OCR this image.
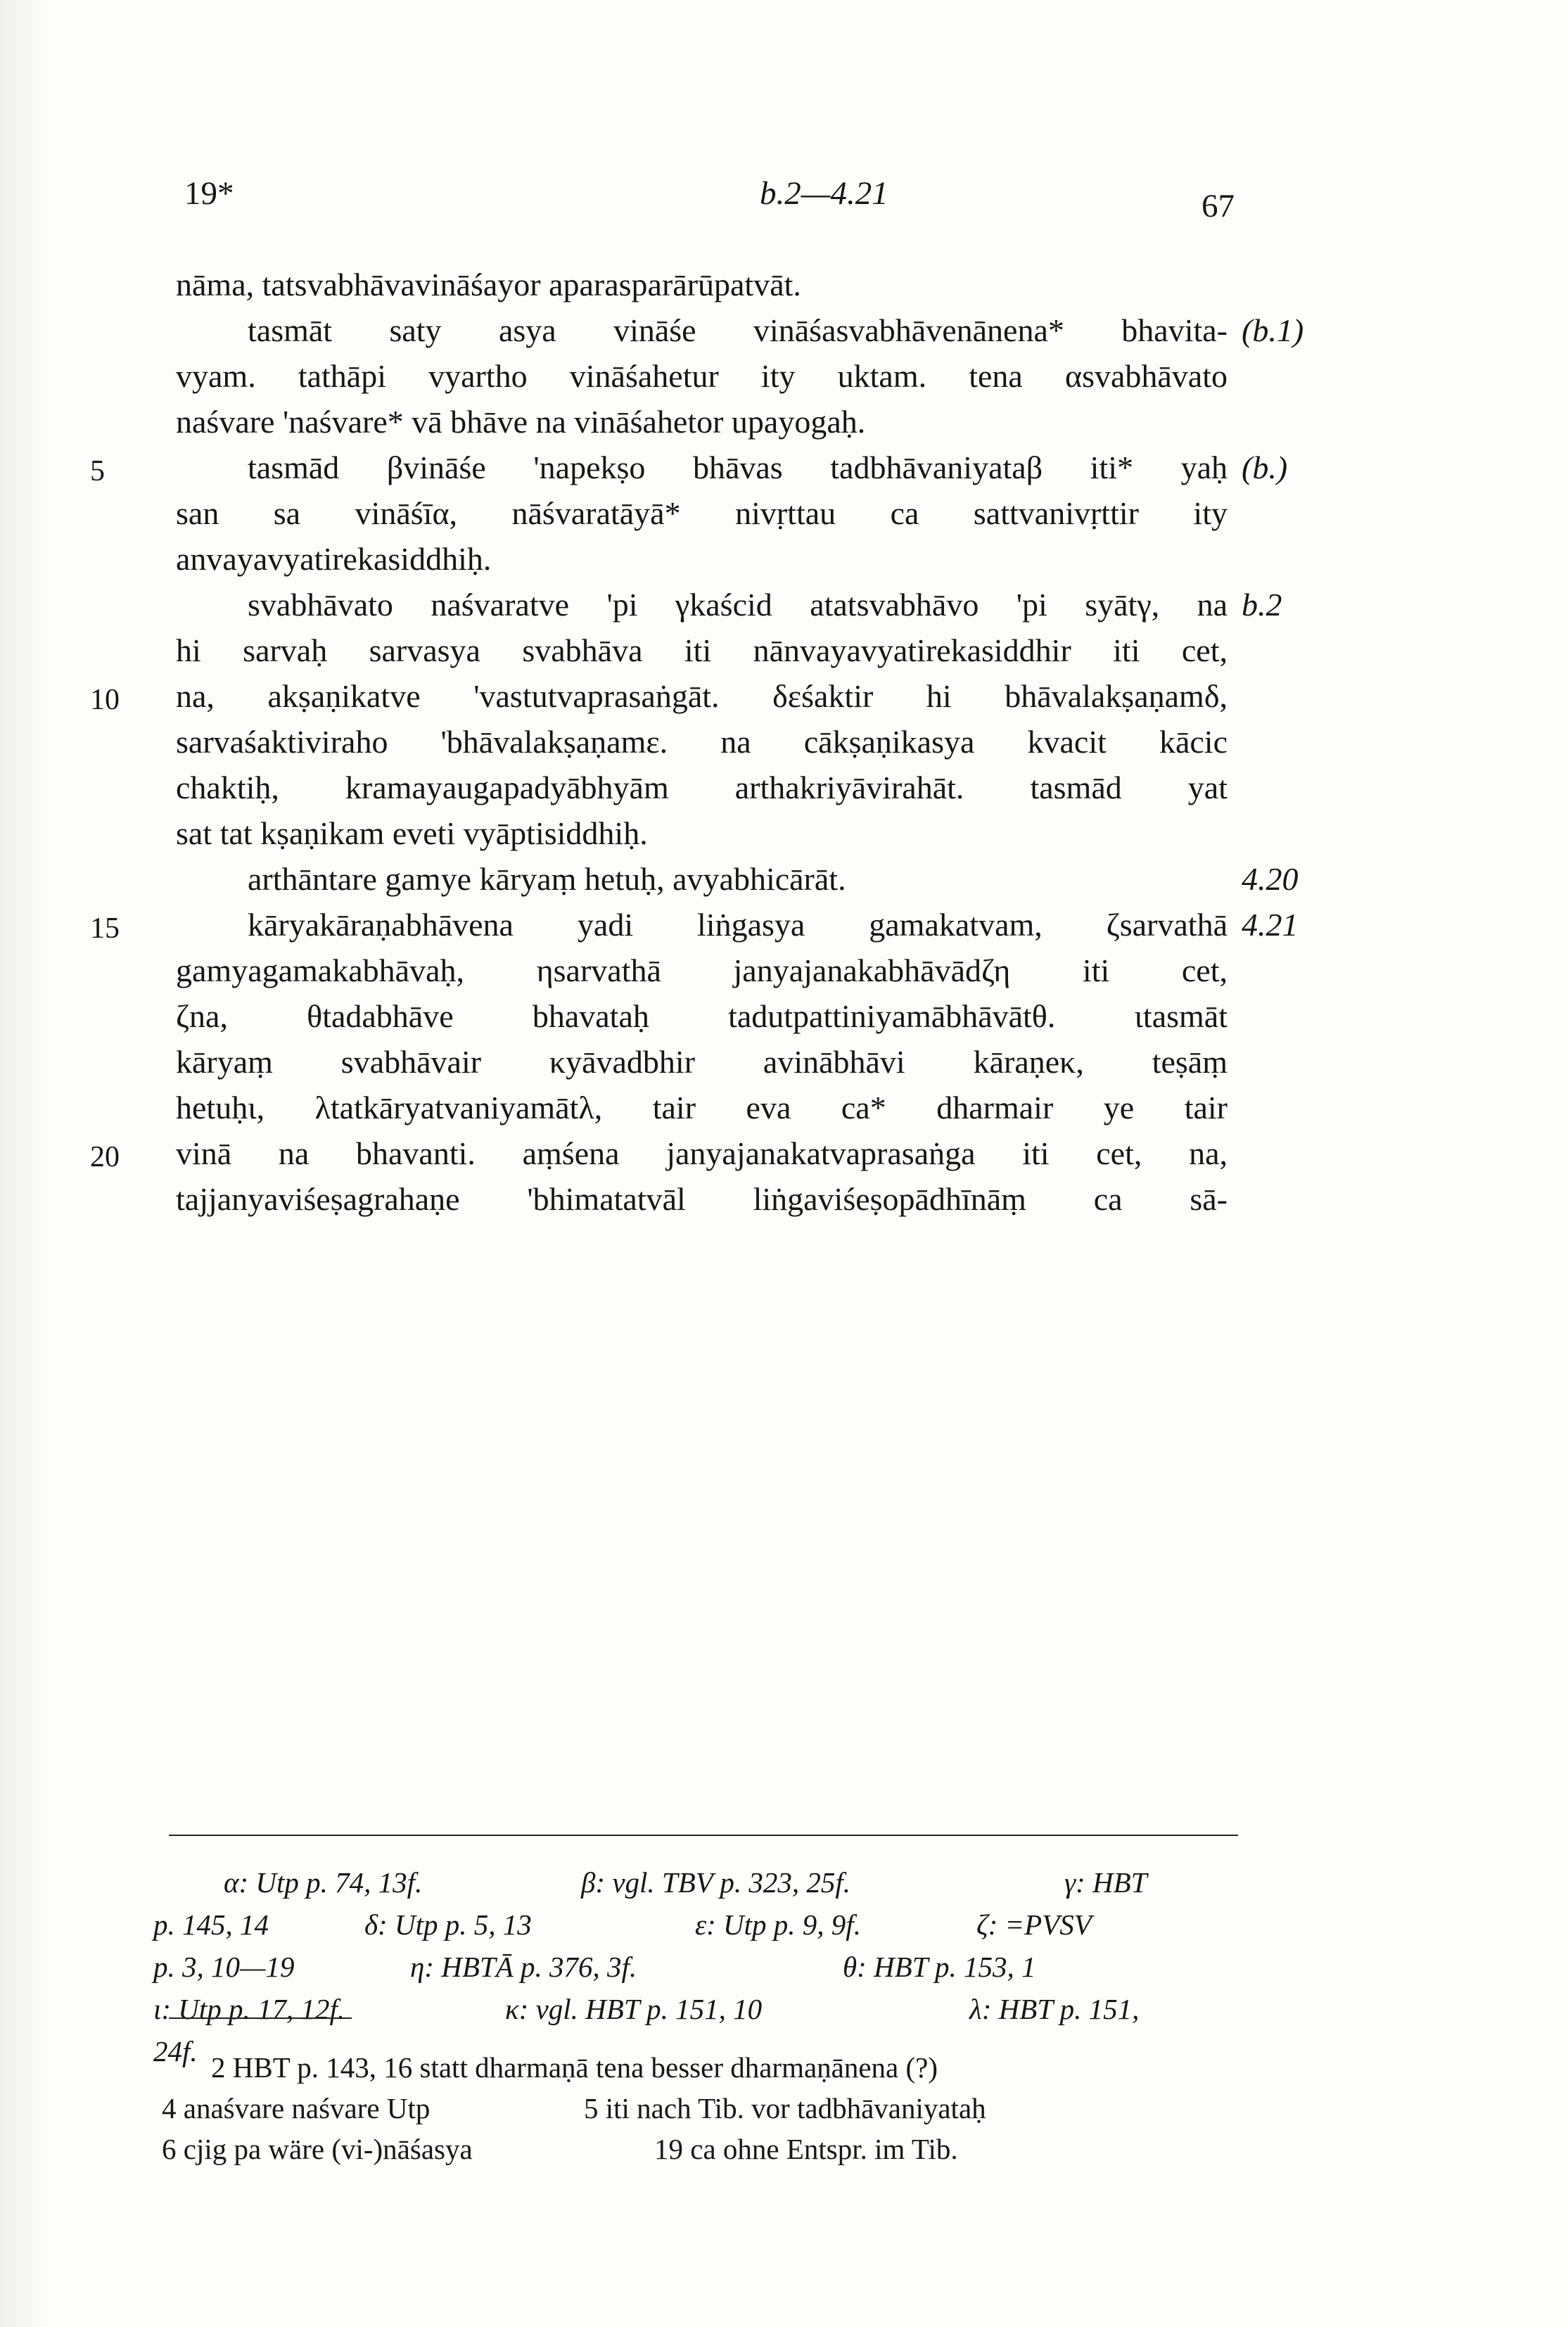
19*	b.2—4.21	67
nāma, tatsvabhāvavināśayor aparasparārūpatvāt.
tasmāt saty asya vināśe vināśasvabhāvenānena* bhavita- (b.1)
vyam. tathāpi vyartho vināśahetur ity uktam. tena αsvabhāvato
naśvare 'naśvare* vā bhāve na vināśahetor upayogaḥ.
5	tasmād βvināśe 'napekṣo bhāvas tadbhāvaniyataβ iti* yaḥ (b.)
san sa vināśīα, nāśvaratāyā* nivṛttau ca sattvanivṛttir ity
anvayavyatirekasiddhiḥ.
svabhāvato naśvaratve 'pi γkaścid atatsvabhāvo 'pi syātγ, na b.2
hi sarvaḥ sarvasya svabhāva iti nānvayavyatirekasiddhir iti cet,
10 na, akṣaṇikatve 'vastutvaprasaṅgāt. δεśaktir hi bhāvalakṣaṇamδ,
sarvaśaktiviraho 'bhāvalakṣaṇamε. na cākṣaṇikasya kvacit kācic
chaktiḥ, kramayaugapadyābhyām arthakriyāvirahāt. tasmād yat
sat tat kṣaṇikam eveti vyāptisiddhiḥ.
arthāntare gamye kāryaṃ hetuḥ, avyabhicārāt.	4.20
15	kāryakāraṇabhāvena yadi liṅgasya gamakatvam, ζsarvathā 4.21
gamyagamakabhāvaḥ, ηsarvathā janyajanakabhāvādζη iti cet,
ζna, θtadabhāve bhavataḥ tadutpattiniyamābhāvātθ. ιtasmāt
kāryaṃ svabhāvair κyāvadbhir avinābhāvi kāraṇeκ, teṣāṃ
hetuḥι, λtatkāryatvaniyamātλ, tair eva ca* dharmair ye tair
20 vinā na bhavanti. aṃśena janyajanakatvaprasaṅga iti cet, na,
tajjanyaviśeṣagrahaṇe 'bhimatatvāl liṅgaviśeṣopādhīnāṃ ca sā-
α: Utp p. 74, 13f.	β: vgl. TBV p. 323, 25f.	γ: HBT
p. 145, 14	δ: Utp p. 5, 13	ε: Utp p. 9, 9f.	ζ: =PVSV
p. 3, 10—19	η: HBTĀ p. 376, 3f.	θ: HBT p. 153, 1
ι: Utp p. 17, 12f.	κ: vgl. HBT p. 151, 10	λ: HBT p. 151,
24f. 2 HBT p. 143, 16 statt dharmaṇā tena besser dharmaṇānena (?)
4 anaśvare naśvare Utp	5 iti nach Tib. vor tadbhāvaniyataḥ
6 cjig pa wäre (vi-)nāśasya	19 ca ohne Entspr. im Tib.
